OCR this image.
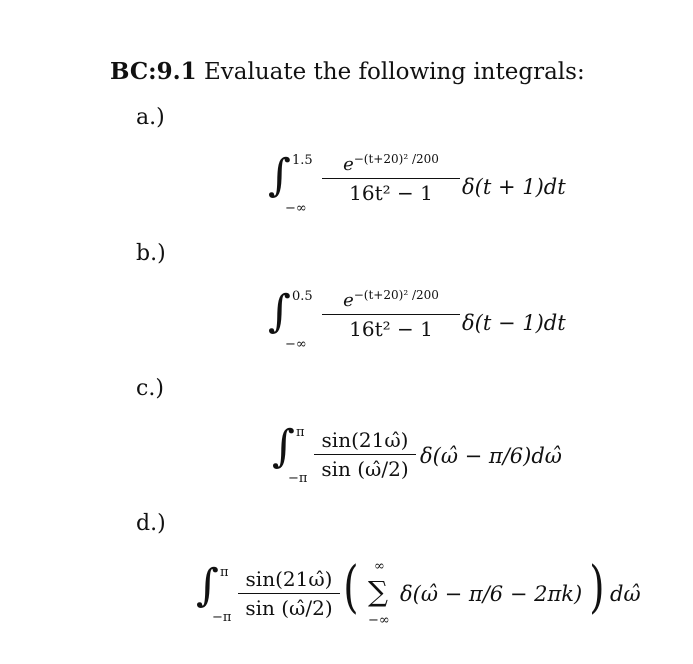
BC:9.1 Evaluate the following integrals:
a.)
∫ 1.5
−∞
$e^{-(t+20)^2 /200}$
16t² − 1	δ(t + 1)dt
b.)
∫ 0.5
−∞
$e^{-(t+20)^2 /200}$
16t² − 1	δ(t − 1)dt
c.)
∫ π
−π
sin(21ω̂)
sin (ω̂/2)
δ(ω̂ − π/6)dω̂
d.)
∫ π
−π
sin(21ω̂)
sin (ω̂/2) ( ∞
∑
−∞
δ(ω̂ − π/6 − 2πk) ) dω̂
